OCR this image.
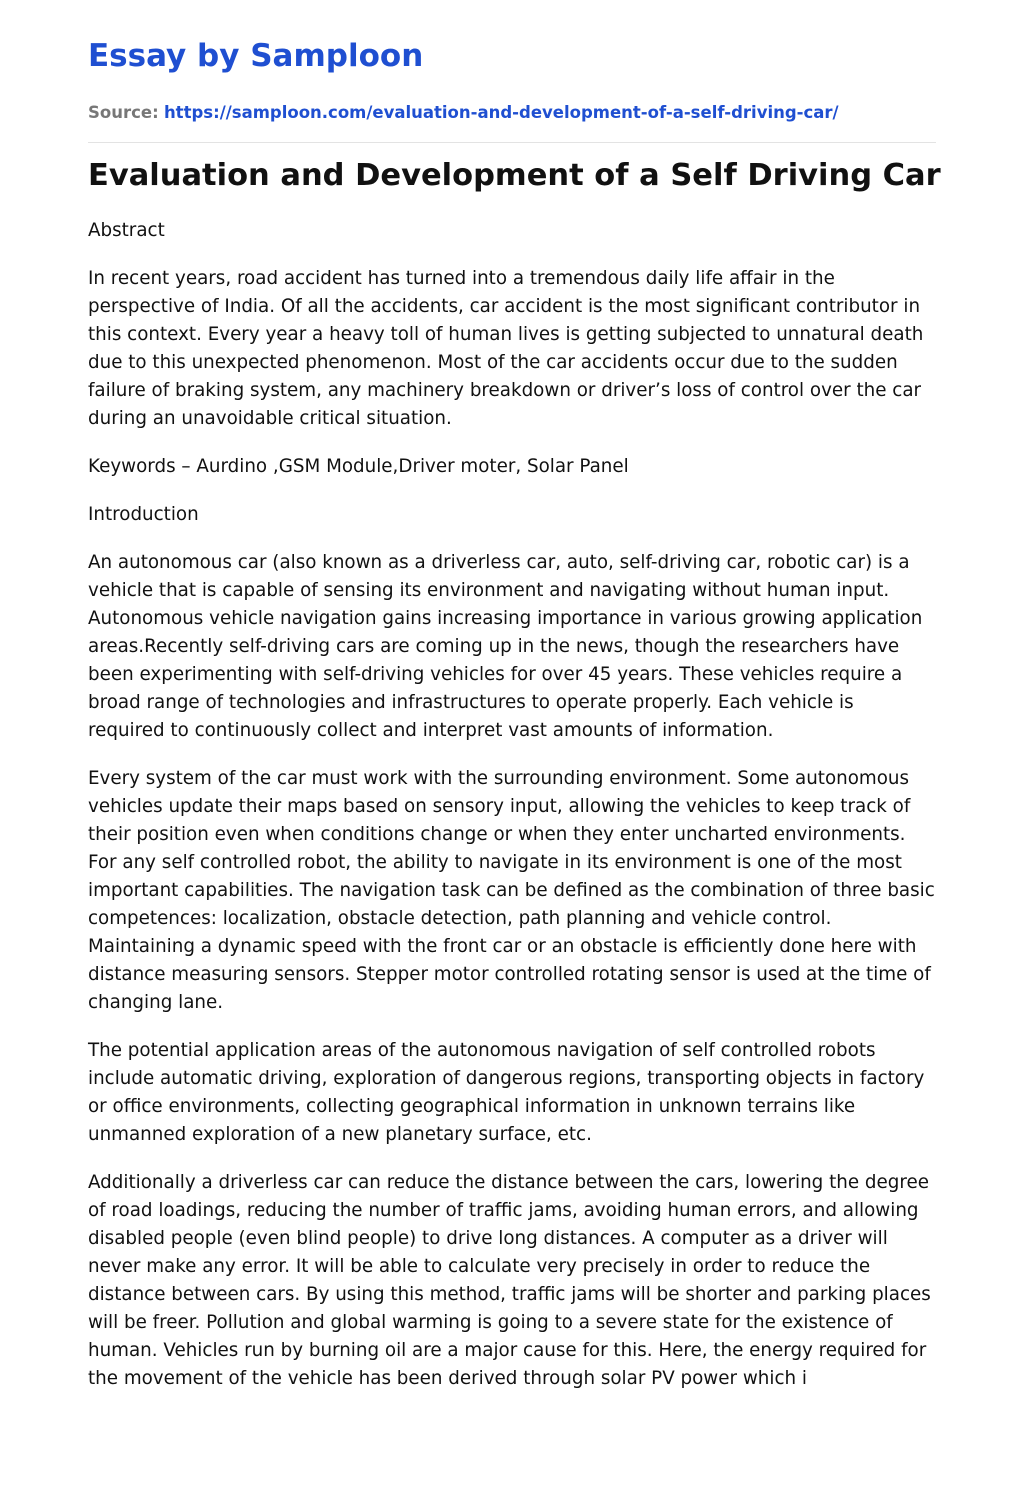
Essay by Samploon
Source: https://samploon.com/evaluation-and-development-of-a-self-driving-car/
Evaluation and Development of a Self Driving Car

Abstract

In recent years, road accident has turned into a tremendous daily life affair in the perspective of India. Of all the accidents, car accident is the most significant contributor in this context. Every year a heavy toll of human lives is getting subjected to unnatural death due to this unexpected phenomenon. Most of the car accidents occur due to the sudden failure of braking system, any machinery breakdown or driver’s loss of control over the car during an unavoidable critical situation.

Keywords – Aurdino ,GSM Module,Driver moter, Solar Panel

Introduction

An autonomous car (also known as a driverless car, auto, self-driving car, robotic car) is a vehicle that is capable of sensing its environment and navigating without human input. Autonomous vehicle navigation gains increasing importance in various growing application areas.Recently self-driving cars are coming up in the news, though the researchers have been experimenting with self-driving vehicles for over 45 years. These vehicles require a broad range of technologies and infrastructures to operate properly. Each vehicle is required to continuously collect and interpret vast amounts of information.

Every system of the car must work with the surrounding environment. Some autonomous vehicles update their maps based on sensory input, allowing the vehicles to keep track of their position even when conditions change or when they enter uncharted environments. For any self controlled robot, the ability to navigate in its environment is one of the most important capabilities. The navigation task can be defined as the combination of three basic competences: localization, obstacle detection, path planning and vehicle control. Maintaining a dynamic speed with the front car or an obstacle is efficiently done here with distance measuring sensors. Stepper motor controlled rotating sensor is used at the time of changing lane.

The potential application areas of the autonomous navigation of self controlled robots include automatic driving, exploration of dangerous regions, transporting objects in factory or office environments, collecting geographical information in unknown terrains like unmanned exploration of a new planetary surface, etc.

Additionally a driverless car can reduce the distance between the cars, lowering the degree of road loadings, reducing the number of traffic jams, avoiding human errors, and allowing disabled people (even blind people) to drive long distances. A computer as a driver will never make any error. It will be able to calculate very precisely in order to reduce the distance between cars. By using this method, traffic jams will be shorter and parking places will be freer. Pollution and global warming is going to a severe state for the existence of human. Vehicles run by burning oil are a major cause for this. Here, the energy required for the movement of the vehicle has been derived through solar PV power which i
